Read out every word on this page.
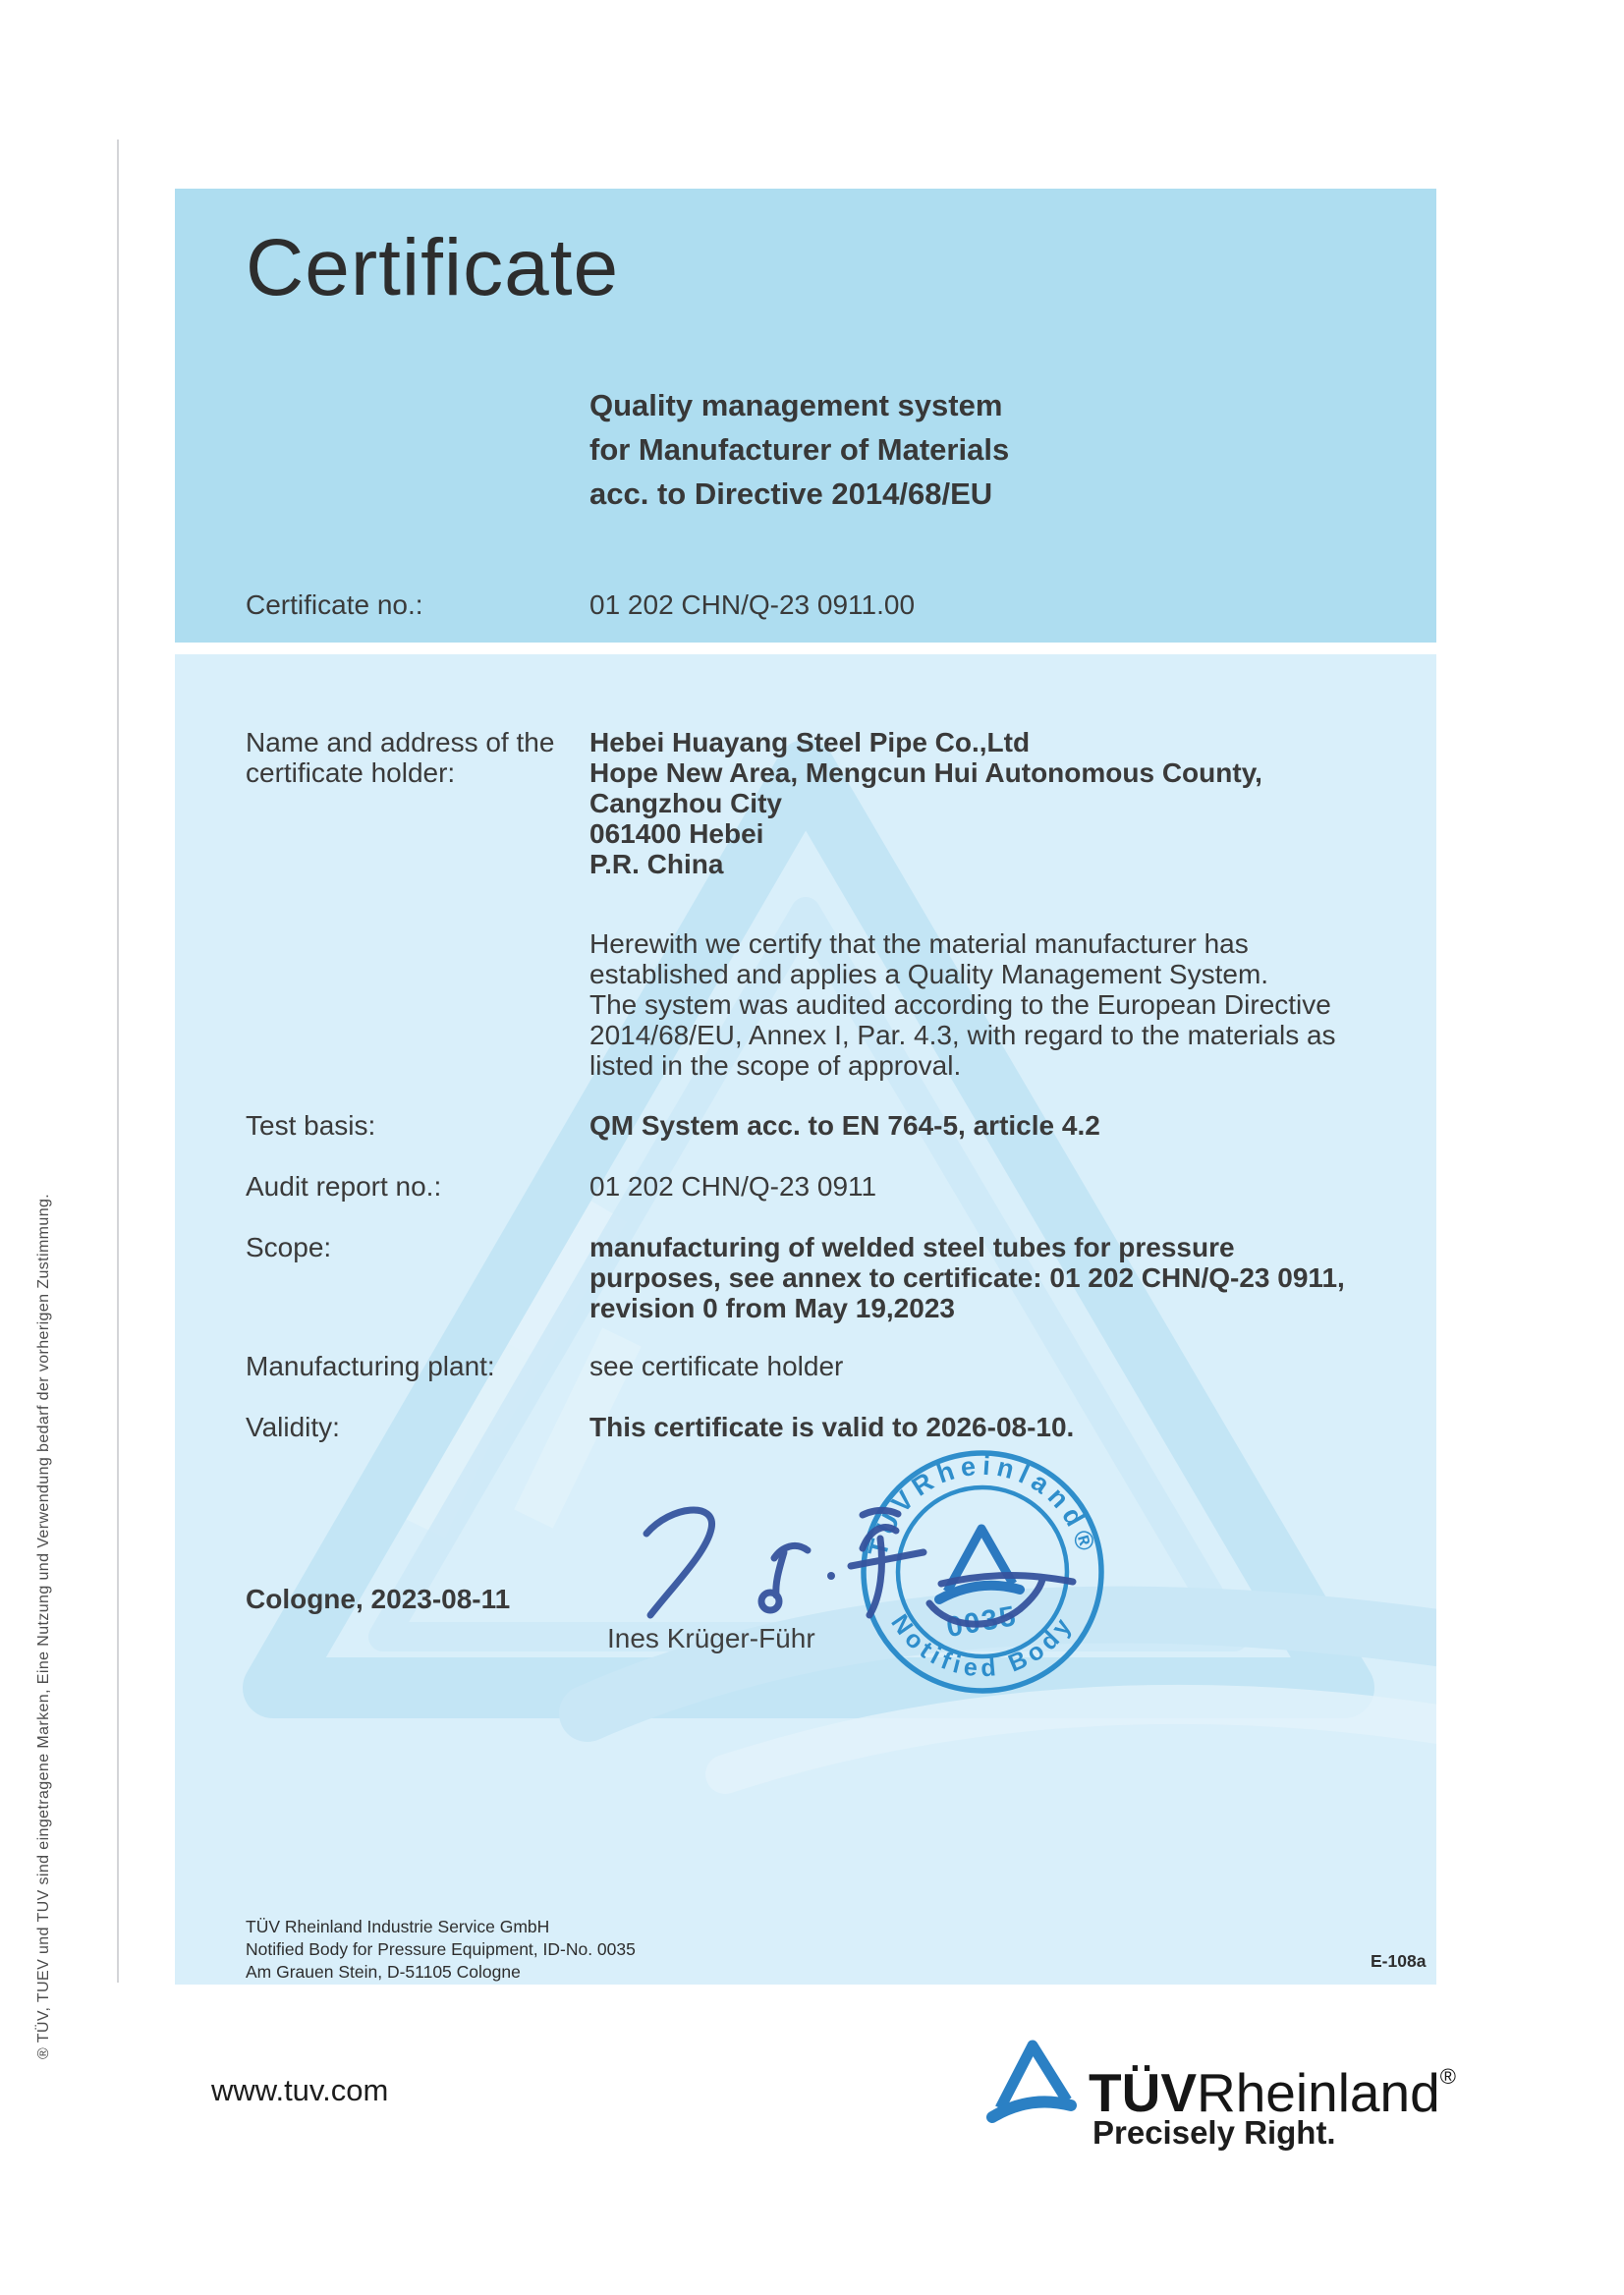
® TÜV, TUEV und TUV sind eingetragene Marken, Eine Nutzung und Verwendung bedarf der vorherigen Zustimmung.
Certificate
Quality management system
for Manufacturer of Materials
acc. to Directive 2014/68/EU
Certificate no.:	01 202 CHN/Q-23 0911.00
Name and address of the
certificate holder:
Hebei Huayang Steel Pipe Co.,Ltd
Hope New Area, Mengcun Hui Autonomous County,
Cangzhou City
061400 Hebei
P.R. China
Herewith we certify that the material manufacturer has
established and applies a Quality Management System.
The system was audited according to the European Directive
2014/68/EU, Annex I, Par. 4.3, with regard to the materials as
listed in the scope of approval.
Test basis:	QM System acc. to EN 764-5, article 4.2
Audit report no.:	01 202 CHN/Q-23 0911
Scope:	manufacturing of welded steel tubes for pressure
purposes, see annex to certificate: 01 202 CHN/Q-23 0911,
revision 0 from May 19,2023
Manufacturing plant:	see certificate holder
Validity:	This certificate is valid to 2026-08-10.
TÜVRheinland®
Notified Body
0035
Cologne, 2023-08-11
Ines Krüger-Führ
TÜV Rheinland Industrie Service GmbH
Notified Body for Pressure Equipment, ID-No. 0035
Am Grauen Stein, D-51105 Cologne
E-108a
www.tuv.com	TÜVRheinland®
Precisely Right.
